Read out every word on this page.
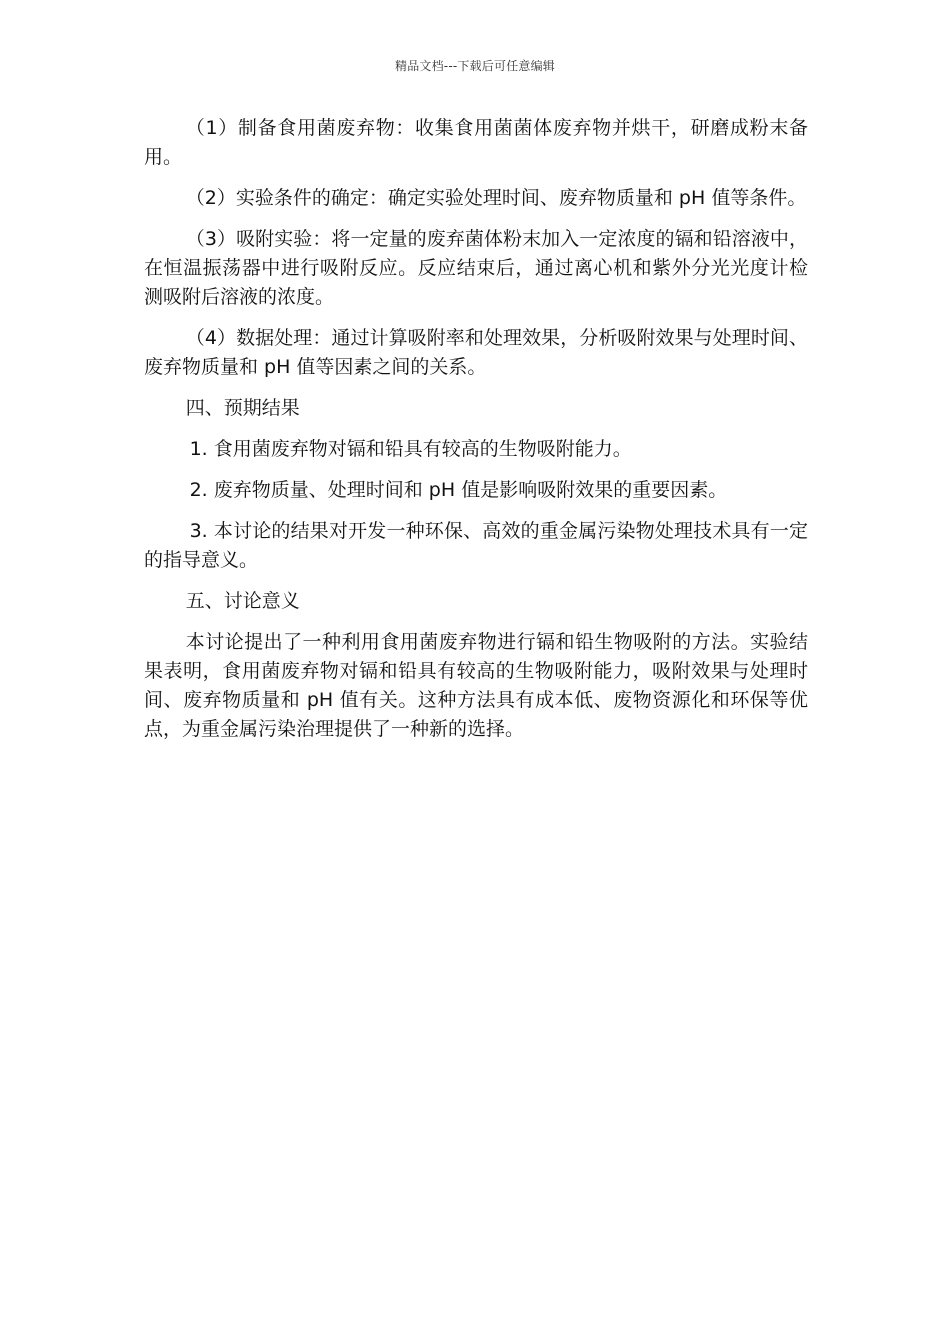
精品文档---下载后可任意编辑

（1）制备食用菌废弃物：收集食用菌菌体废弃物并烘干，研磨成粉末备用。

（2）实验条件的确定：确定实验处理时间、废弃物质量和 pH 值等条件。

（3）吸附实验：将一定量的废弃菌体粉末加入一定浓度的镉和铅溶液中，在恒温振荡器中进行吸附反应。反应结束后，通过离心机和紫外分光光度计检测吸附后溶液的浓度。

（4）数据处理：通过计算吸附率和处理效果，分析吸附效果与处理时间、废弃物质量和 pH 值等因素之间的关系。

四、预期结果

1. 食用菌废弃物对镉和铅具有较高的生物吸附能力。

2. 废弃物质量、处理时间和 pH 值是影响吸附效果的重要因素。

3. 本讨论的结果对开发一种环保、高效的重金属污染物处理技术具有一定的指导意义。

五、讨论意义

本讨论提出了一种利用食用菌废弃物进行镉和铅生物吸附的方法。实验结果表明，食用菌废弃物对镉和铅具有较高的生物吸附能力，吸附效果与处理时间、废弃物质量和 pH 值有关。这种方法具有成本低、废物资源化和环保等优点，为重金属污染治理提供了一种新的选择。
